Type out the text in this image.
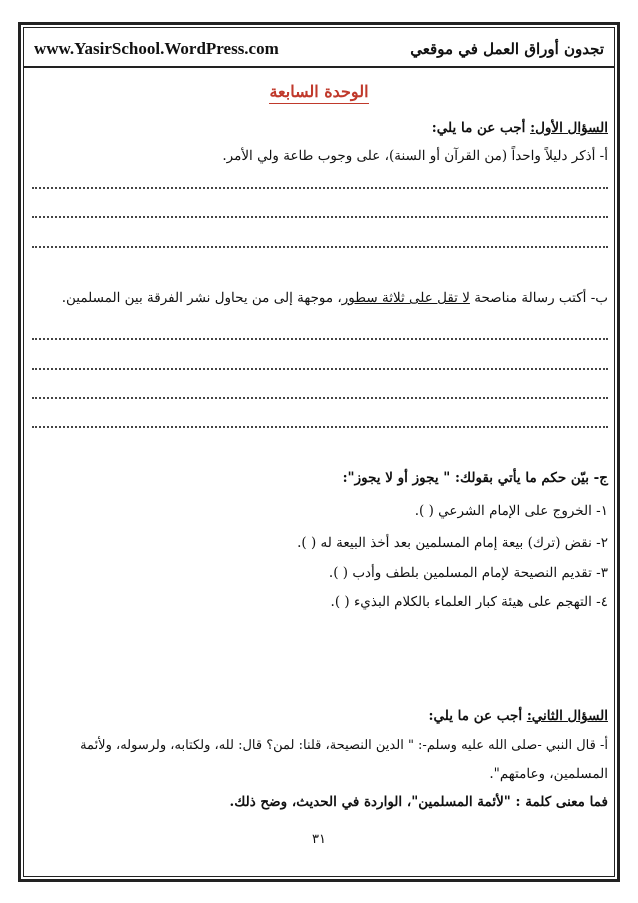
www.YasirSchool.WordPress.com	تجدون أوراق العمل في موقعي
الوحدة السابعة
السؤال الأول: أجب عن ما يلي:
أ- أذكر دليلاً واحداً (من القرآن أو السنة)، على وجوب طاعة ولي الأمر.
ب- أكتب رسالة مناصحة لا تقل على ثلاثة سطور، موجهة إلى من يحاول نشر الفرقة بين المسلمين.
ج- بيّن حكم ما يأتي بقولك: " يجوز أو لا يجوز":
١- الخروج على الإمام الشرعي ( ).
٢- نقض (ترك) بيعة إمام المسلمين بعد أخذ البيعة له ( ).
٣- تقديم النصيحة لإمام المسلمين بلطف وأدب ( ).
٤- التهجم على هيئة كبار العلماء بالكلام البذيء ( ).
السؤال الثاني: أجب عن ما يلي:
أ- قال النبي -صلى الله عليه وسلم-: " الدين النصيحة، قلنا: لمن؟ قال: لله، ولكتابه، ولرسوله، ولأئمة
المسلمين، وعامتهم".
فما معنى كلمة : "لأئمة المسلمين"، الواردة في الحديث، وضح ذلك.
٣١
